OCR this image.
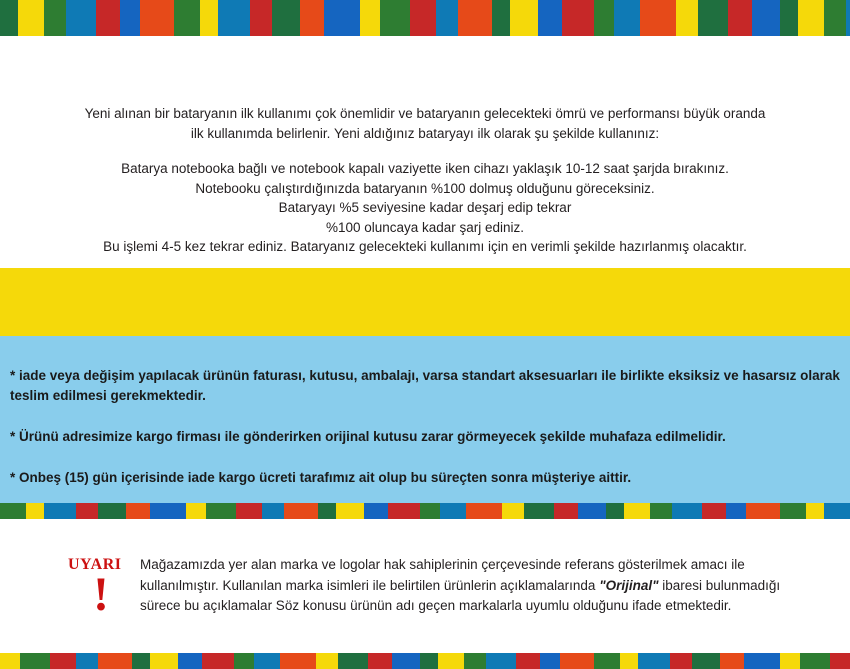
Yeni alınan bir bataryanın ilk kullanımı çok önemlidir ve bataryanın gelecekteki ömrü ve performansı büyük oranda
ilk kullanımda belirlenir. Yeni aldığınız bataryayı ilk olarak şu şekilde kullanınız:
Batarya notebooka bağlı ve notebook kapalı vaziyette iken cihazı yaklaşık 10-12 saat şarjda bırakınız.
Notebooku çalıştırdığınızda bataryanın %100 dolmuş olduğunu göreceksiniz.
Bataryayı %5 seviyesine kadar deşarj edip tekrar
%100 oluncaya kadar şarj ediniz.
Bu işlemi 4-5 kez tekrar ediniz. Bataryanız gelecekteki kullanımı için en verimli şekilde hazırlanmış olacaktır.
* iade veya değişim yapılacak ürünün faturası, kutusu, ambalajı, varsa standart aksesuarları ile birlikte eksiksiz ve hasarsız olarak teslim edilmesi gerekmektedir.
* Ürünü adresimize kargo firması ile gönderirken orijinal kutusu zarar görmeyecek şekilde muhafaza edilmelidir.
* Onbeş (15) gün içerisinde iade kargo ücreti tarafımız ait olup bu süreçten sonra müşteriye aittir.
UYARI
!
Mağazamızda yer alan marka ve logolar hak sahiplerinin çerçevesinde referans gösterilmek amacı ile kullanılmıştır. Kullanılan marka isimleri ile belirtilen ürünlerin açıklamalarında "Orijinal" ibaresi bulunmadığı sürece bu açıklamalar Söz konusu ürünün adı geçen markalarla uyumlu olduğunu ifade etmektedir.
